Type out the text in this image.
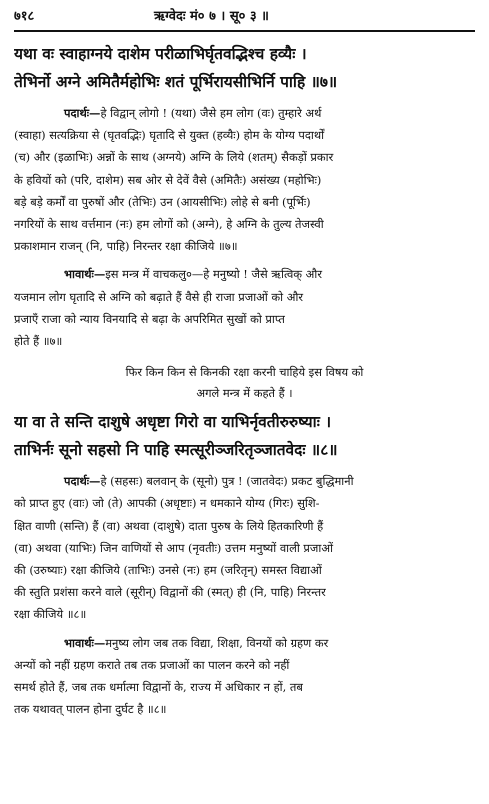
७१८	ऋग्वेदः मं० ७ । सू० ३ ॥

यथा वः स्वाहाग्नये दाशेम परीळाभिर्घृतवद्भिश्च हव्यैः ।

तेभिर्नो अग्ने अमितैर्महोभिः शतं पूर्भिरायसीभिर्नि पाहि ॥७॥

पदार्थः—हे विद्वान् लोगो ! (यथा) जैसे हम लोग (वः) तुम्हारे अर्थ
(स्वाहा) सत्यक्रिया से (घृतवद्भिः) घृतादि से युक्त (हव्यैः) होम के योग्य पदार्थों
(च) और (इळाभिः) अन्नों के साथ (अग्नये) अग्नि के लिये (शतम्) सैकड़ों प्रकार
के हवियों को (परि, दाशेम) सब ओर से देवें वैसे (अमितैः) असंख्य (महोभिः)
बड़े बड़े कर्मों वा पुरुषों और (तेभिः) उन (आयसीभिः) लोहे से बनी (पूर्भिः)
नगरियों के साथ वर्त्तमान (नः) हम लोगों को (अग्ने), हे अग्नि के तुल्य तेजस्वी
प्रकाशमान राजन् (नि, पाहि) निरन्तर रक्षा कीजिये ॥७॥
भावार्थः—इस मन्त्र में वाचकलु०—हे मनुष्यो ! जैसे ऋत्विक् और
यजमान लोग घृतादि से अग्नि को बढ़ाते हैं वैसे ही राजा प्रजाओं को और
प्रजाएँ राजा को न्याय विनयादि से बढ़ा के अपरिमित सुखों को प्राप्त
होते हैं ॥७॥
फिर किन किन से किनकी रक्षा करनी चाहिये इस विषय को
अगले मन्त्र में कहते हैं ।

या वा ते सन्ति दाशुषे अधृष्टा गिरो वा याभिर्नृवतीरुरुष्याः ।

ताभिर्नः सूनो सहसो नि पाहि स्मत्सूरीञ्जरितृञ्जातवेदः ॥८॥

पदार्थः—हे (सहसः) बलवान् के (सूनो) पुत्र ! (जातवेदः) प्रकट बुद्धिमानी
को प्राप्त हुए (वाः) जो (ते) आपकी (अधृष्टाः) न धमकाने योग्य (गिरः) सुशि-
क्षित वाणी (सन्ति) हैं (वा) अथवा (दाशुषे) दाता पुरुष के लिये हितकारिणी हैं
(वा) अथवा (याभिः) जिन वाणियों से आप (नृवतीः) उत्तम मनुष्यों वाली प्रजाओं
की (उरुष्याः) रक्षा कीजिये (ताभिः) उनसे (नः) हम (जरितृन्) समस्त विद्याओं
की स्तुति प्रशंसा करने वाले (सूरीन्) विद्वानों की (स्मत्) ही (नि, पाहि) निरन्तर
रक्षा कीजिये ॥८॥
भावार्थः—मनुष्य लोग जब तक विद्या, शिक्षा, विनयों को ग्रहण कर
अन्यों को नहीं ग्रहण कराते तब तक प्रजाओं का पालन करने को नहीं
समर्थ होते हैं, जब तक धर्मात्मा विद्वानों के, राज्य में अधिकार न हों, तब
तक यथावत् पालन होना दुर्घट है ॥८॥
